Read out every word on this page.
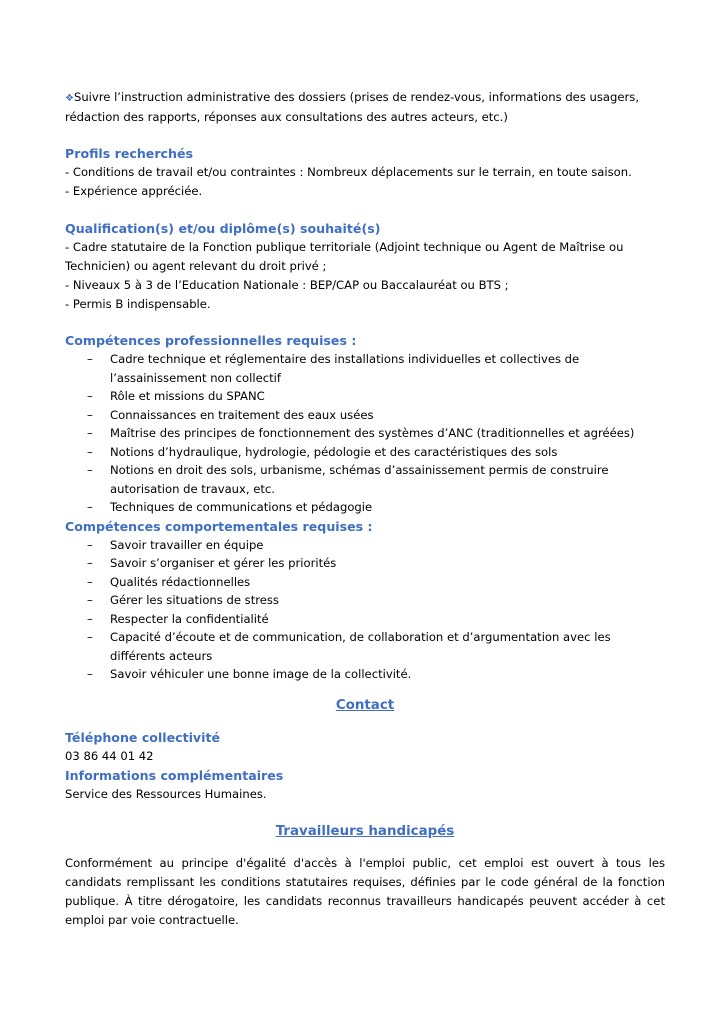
❖Suivre l’instruction administrative des dossiers (prises de rendez-vous, informations des usagers,

rédaction des rapports, réponses aux consultations des autres acteurs, etc.)

Profils recherchés

- Conditions de travail et/ou contraintes : Nombreux déplacements sur le terrain, en toute saison.

- Expérience appréciée.

Qualification(s) et/ou diplôme(s) souhaité(s)

- Cadre statutaire de la Fonction publique territoriale (Adjoint technique ou Agent de Maîtrise ou

Technicien) ou agent relevant du droit privé ;

- Niveaux 5 à 3 de l’Education Nationale : BEP/CAP ou Baccalauréat ou BTS ;

- Permis B indispensable.

Compétences professionnelles requises :

– Cadre technique et réglementaire des installations individuelles et collectives de l’assainissement non collectif
– Rôle et missions du SPANC
– Connaissances en traitement des eaux usées
– Maîtrise des principes de fonctionnement des systèmes d’ANC (traditionnelles et agréées)
– Notions d’hydraulique, hydrologie, pédologie et des caractéristiques des sols
– Notions en droit des sols, urbanisme, schémas d’assainissement permis de construire autorisation de travaux, etc.
– Techniques de communications et pédagogie

Compétences comportementales requises :

– Savoir travailler en équipe
– Savoir s’organiser et gérer les priorités
– Qualités rédactionnelles
– Gérer les situations de stress
– Respecter la confidentialité
– Capacité d’écoute et de communication, de collaboration et d’argumentation avec les différents acteurs
– Savoir véhiculer une bonne image de la collectivité.

Contact

Téléphone collectivité

03 86 44 01 42

Informations complémentaires

Service des Ressources Humaines.

Travailleurs handicapés

Conformément au principe d'égalité d'accès à l'emploi public, cet emploi est ouvert à tous les candidats remplissant les conditions statutaires requises, définies par le code général de la fonction publique. À titre dérogatoire, les candidats reconnus travailleurs handicapés peuvent accéder à cet emploi par voie contractuelle.
